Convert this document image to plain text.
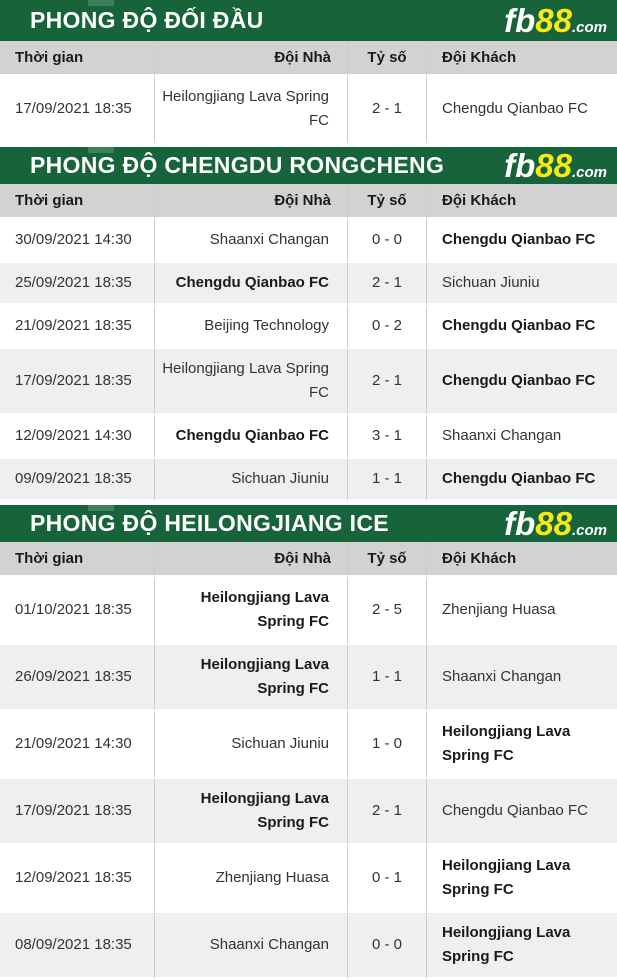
PHONG ĐỘ ĐỐI ĐẦU	fb88.com
Thời gian	Đội Nhà	Tỷ số	Đội Khách
17/09/2021 18:35	Heilongjiang Lava Spring FC	2 - 1	Chengdu Qianbao FC
PHONG ĐỘ CHENGDU RONGCHENG fb88.com
Thời gian	Đội Nhà	Tỷ số	Đội Khách
30/09/2021 14:30	Shaanxi Changan	0 - 0	Chengdu Qianbao FC
25/09/2021 18:35	Chengdu Qianbao FC	2 - 1	Sichuan Jiuniu
21/09/2021 18:35	Beijing Technology	0 - 2	Chengdu Qianbao FC
17/09/2021 18:35	Heilongjiang Lava Spring FC	2 - 1	Chengdu Qianbao FC
12/09/2021 14:30	Chengdu Qianbao FC	3 - 1	Shaanxi Changan
09/09/2021 18:35	Sichuan Jiuniu	1 - 1	Chengdu Qianbao FC
PHONG ĐỘ HEILONGJIANG ICE	fb88.com
Thời gian	Đội Nhà	Tỷ số	Đội Khách
01/10/2021 18:35	Heilongjiang Lava Spring FC	2 - 5	Zhenjiang Huasa
26/09/2021 18:35	Heilongjiang Lava Spring FC	1 - 1	Shaanxi Changan
21/09/2021 14:30	Sichuan Jiuniu	1 - 0	Heilongjiang Lava Spring FC
17/09/2021 18:35	Heilongjiang Lava Spring FC	2 - 1	Chengdu Qianbao FC
12/09/2021 18:35	Zhenjiang Huasa	0 - 1	Heilongjiang Lava Spring FC
08/09/2021 18:35	Shaanxi Changan	0 - 0	Heilongjiang Lava Spring FC
